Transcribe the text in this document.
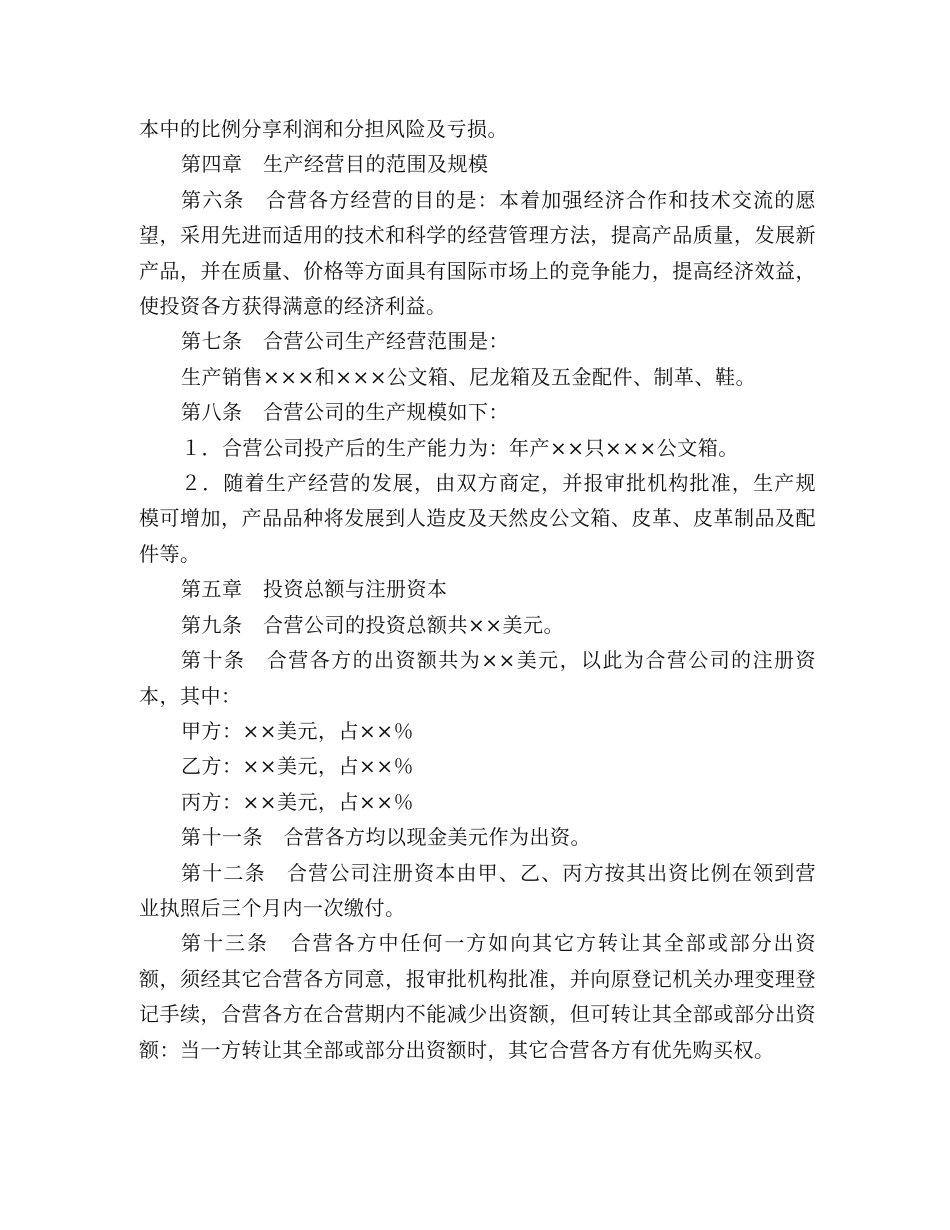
本中的比例分享利润和分担风险及亏损。

第四章　生产经营目的范围及规模

第六条　合营各方经营的目的是：本着加强经济合作和技术交流的愿望，采用先进而适用的技术和科学的经营管理方法，提高产品质量，发展新产品，并在质量、价格等方面具有国际市场上的竞争能力，提高经济效益，使投资各方获得满意的经济利益。

第七条　合营公司生产经营范围是：

生产销售×××和×××公文箱、尼龙箱及五金配件、制革、鞋。

第八条　合营公司的生产规模如下：

１．合营公司投产后的生产能力为：年产××只×××公文箱。

２．随着生产经营的发展，由双方商定，并报审批机构批准，生产规模可增加，产品品种将发展到人造皮及天然皮公文箱、皮革、皮革制品及配件等。

第五章　投资总额与注册资本

第九条　合营公司的投资总额共××美元。

第十条　合营各方的出资额共为××美元，以此为合营公司的注册资本，其中：

甲方：××美元，占××％

乙方：××美元，占××％

丙方：××美元，占××％

第十一条　合营各方均以现金美元作为出资。

第十二条　合营公司注册资本由甲、乙、丙方按其出资比例在领到营业执照后三个月内一次缴付。

第十三条　合营各方中任何一方如向其它方转让其全部或部分出资额，须经其它合营各方同意，报审批机构批准，并向原登记机关办理变理登记手续，合营各方在合营期内不能减少出资额，但可转让其全部或部分出资额：当一方转让其全部或部分出资额时，其它合营各方有优先购买权。
